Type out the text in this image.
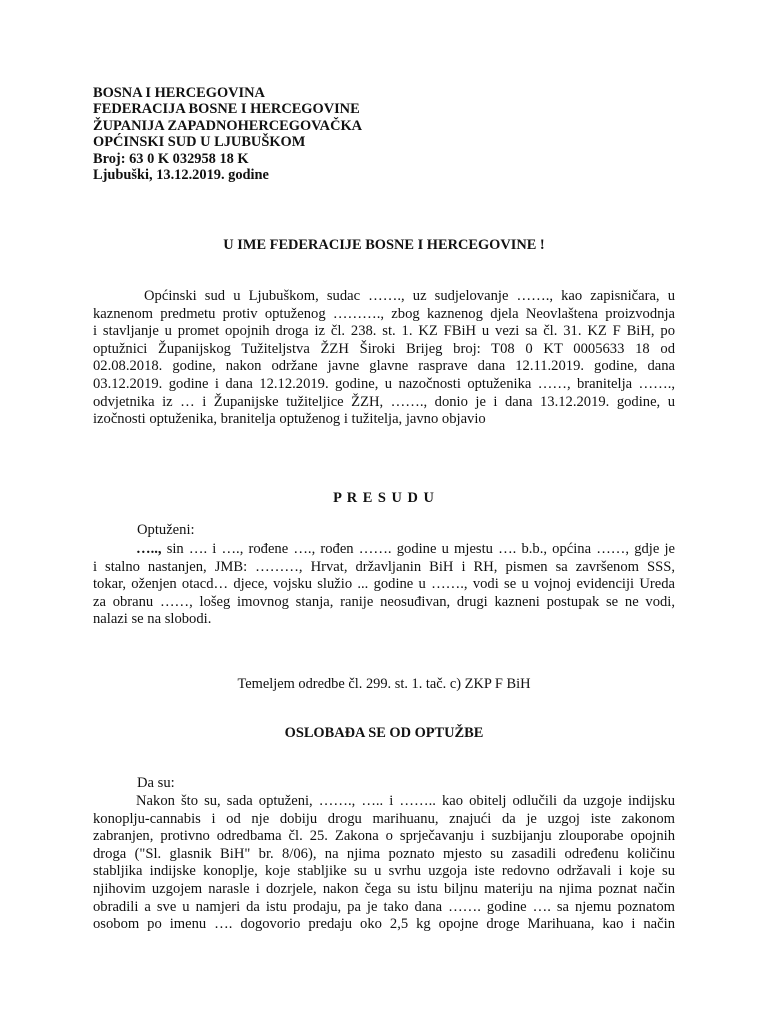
BOSNA I HERCEGOVINA
FEDERACIJA BOSNE I HERCEGOVINE
ŽUPANIJA ZAPADNOHERCEGOVAČKA
OPĆINSKI SUD U LJUBUŠKOM
Broj: 63 0 K 032958 18 K
Ljubuški, 13.12.2019. godine
U IME FEDERACIJE BOSNE I HERCEGOVINE !
Općinski sud u Ljubuškom, sudac ……., uz sudjelovanje ……., kao zapisničara, u
kaznenom predmetu protiv optuženog ………., zbog kaznenog djela Neovlaštena proizvodnja
i stavljanje u promet opojnih droga iz čl. 238. st. 1. KZ FBiH u vezi sa čl. 31. KZ F BiH, po
optužnici Županijskog Tužiteljstva ŽZH Široki Brijeg broj: T08 0 KT 0005633 18 od
02.08.2018. godine, nakon održane javne glavne rasprave dana 12.11.2019. godine, dana
03.12.2019. godine i dana 12.12.2019. godine, u nazočnosti optuženika ……, branitelja …….,
odvjetnika iz … i Županijske tužiteljice ŽZH, ……., donio je i dana 13.12.2019. godine, u
izočnosti optuženika, branitelja optuženog i tužitelja, javno objavio
P R E S U D U
Optuženi:
….., sin …. i …., rođene …., rođen ……. godine u mjestu …. b.b., općina ……, gdje je
i stalno nastanjen, JMB: ………, Hrvat, državljanin BiH i RH, pismen sa završenom SSS,
tokar, oženjen otacd… djece, vojsku služio ... godine u ……., vodi se u vojnoj evidenciji Ureda
za obranu ……, lošeg imovnog stanja, ranije neosuđivan, drugi kazneni postupak se ne vodi,
nalazi se na slobodi.
Temeljem odredbe čl. 299. st. 1. tač. c) ZKP F BiH
OSLOBAĐA SE OD OPTUŽBE
Da su:
Nakon što su, sada optuženi, ……., ….. i …….. kao obitelj odlučili da uzgoje indijsku
konoplju-cannabis i od nje dobiju drogu marihuanu, znajući da je uzgoj iste zakonom
zabranjen, protivno odredbama čl. 25. Zakona o sprječavanju i suzbijanju zlouporabe opojnih
droga ("Sl. glasnik BiH" br. 8/06), na njima poznato mjesto su zasadili određenu količinu
stabljika indijske konoplje, koje stabljike su u svrhu uzgoja iste redovno održavali i koje su
njihovim uzgojem narasle i dozrjele, nakon čega su istu biljnu materiju na njima poznat način
obradili a sve u namjeri da istu prodaju, pa je tako dana ……. godine …. sa njemu poznatom
osobom po imenu …. dogovorio predaju oko 2,5 kg opojne droge Marihuana, kao i način
